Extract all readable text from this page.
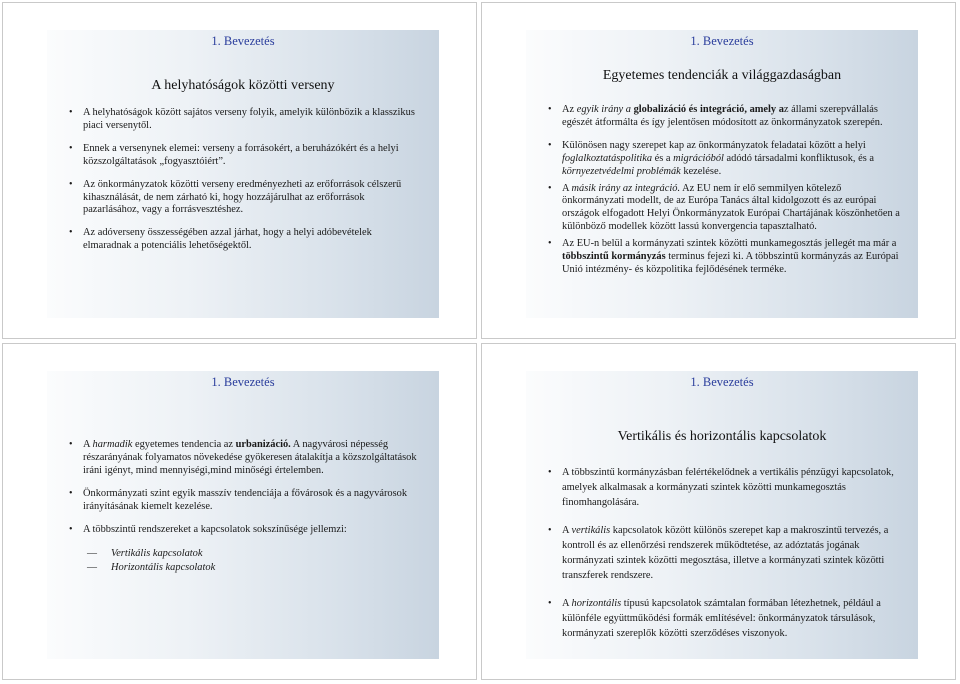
1. Bevezetés
A helyhatóságok közötti verseny
• A helyhatóságok között sajátos verseny folyik, amelyik különbözik a klasszikus piaci versenytől.
• Ennek a versenynek elemei: verseny a forrásokért, a beruházókért és a helyi közszolgáltatások „fogyasztóiért”.
• Az önkormányzatok közötti verseny eredményezheti az erőforrások célszerű kihasználását, de nem zárható ki, hogy hozzájárulhat az erőforrások pazarlásához, vagy a forrásvesztéshez.
• Az adóverseny összességében azzal járhat, hogy a helyi adóbevételek elmaradnak a potenciális lehetőségektől.
1. Bevezetés
Egyetemes tendenciák a világgazdaságban
• Az egyik irány a globalizáció és integráció, amely az állami szerepvállalás egészét átformálta és így jelentősen módosított az önkormányzatok szerepén.
• Különösen nagy szerepet kap az önkormányzatok feladatai között a helyi foglalkoztatáspolitika és a migrációból adódó társadalmi konfliktusok, és a környezetvédelmi problémák kezelése.
• A másik irány az integráció. Az EU nem ír elő semmilyen kötelező önkormányzati modellt, de az Európa Tanács által kidolgozott és az európai országok elfogadott Helyi Önkormányzatok Európai Chartájának köszönhetően a különböző modellek között lassú konvergencia tapasztalható.
• Az EU-n belül a kormányzati szintek közötti munkamegosztás jellegét ma már a többszintű kormányzás terminus fejezi ki. A többszintű kormányzás az Európai Unió intézmény- és közpolitika fejlődésének terméke.
1. Bevezetés
• A harmadik egyetemes tendencia az urbanizáció. A nagyvárosi népesség részarányának folyamatos növekedése gyökeresen átalakítja a közszolgáltatások iráni igényt, mind mennyiségi,mind minőségi értelemben.
• Önkormányzati szint egyik masszív tendenciája a fővárosok és a nagyvárosok irányításának kiemelt kezelése.
• A többszintű rendszereket a kapcsolatok sokszínűsége jellemzi:
— Vertikális kapcsolatok
— Horizontális kapcsolatok
1. Bevezetés
Vertikális és horizontális kapcsolatok
• A többszintű kormányzásban felértékelődnek a vertikális pénzügyi kapcsolatok, amelyek alkalmasak a kormányzati szintek közötti munkamegosztás finomhangolására.
• A vertikális kapcsolatok között különös szerepet kap a makroszintű tervezés, a kontroll és az ellenőrzési rendszerek működtetése, az adóztatás jogának kormányzati szintek közötti megosztása, illetve a kormányzati szintek közötti transzferek rendszere.
• A horizontális típusú kapcsolatok számtalan formában létezhetnek, például a különféle együttműködési formák említésével: önkormányzatok társulások, kormányzati szereplők közötti szerződéses viszonyok.
